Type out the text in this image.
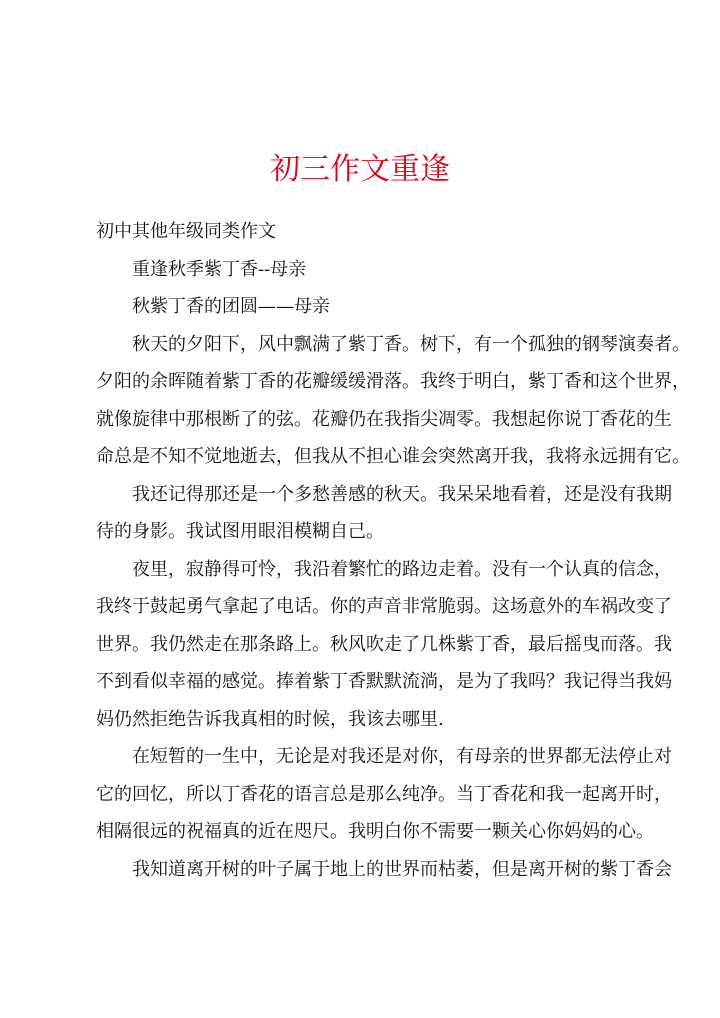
初三作文重逢

初中其他年级同类作文

重逢秋季紫丁香--母亲

秋紫丁香的团圆——母亲

秋天的夕阳下，风中飘满了紫丁香。树下，有一个孤独的钢琴演奏者。

夕阳的余晖随着紫丁香的花瓣缓缓滑落。我终于明白，紫丁香和这个世界，

就像旋律中那根断了的弦。花瓣仍在我指尖凋零。我想起你说丁香花的生

命总是不知不觉地逝去，但我从不担心谁会突然离开我，我将永远拥有它。

我还记得那还是一个多愁善感的秋天。我呆呆地看着，还是没有我期

待的身影。我试图用眼泪模糊自己。

夜里，寂静得可怜，我沿着繁忙的路边走着。没有一个认真的信念，

我终于鼓起勇气拿起了电话。你的声音非常脆弱。这场意外的车祸改变了

世界。我仍然走在那条路上。秋风吹走了几株紫丁香，最后摇曳而落。我

不到看似幸福的感觉。捧着紫丁香默默流淌，是为了我吗？我记得当我妈

妈仍然拒绝告诉我真相的时候，我该去哪里.

在短暂的一生中，无论是对我还是对你，有母亲的世界都无法停止对

它的回忆，所以丁香花的语言总是那么纯净。当丁香花和我一起离开时，

相隔很远的祝福真的近在咫尺。我明白你不需要一颗关心你妈妈的心。

我知道离开树的叶子属于地上的世界而枯萎，但是离开树的紫丁香会
